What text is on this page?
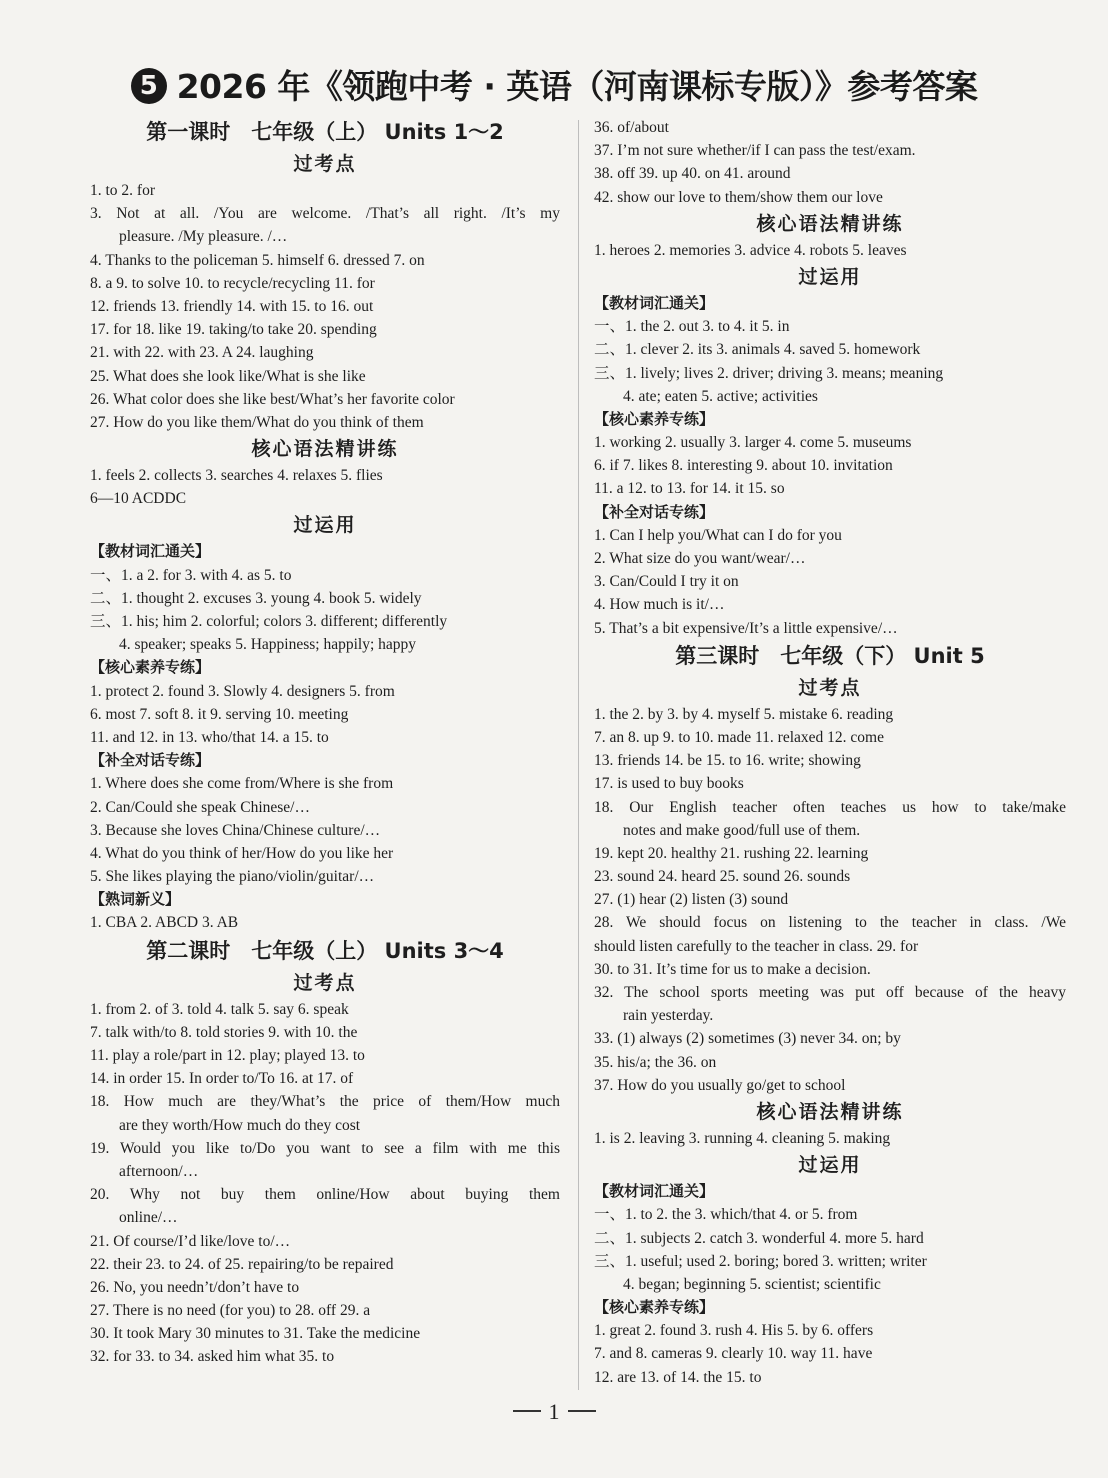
5 2026 年《领跑中考 · 英语（河南课标专版）》参考答案
第一课时　七年级（上） Units 1～2
过考点
1. to 2. for
3. Not at all. /You are welcome. /That’s all right. /It’s my
pleasure. /My pleasure. /…
4. Thanks to the policeman 5. himself 6. dressed 7. on
8. a 9. to solve 10. to recycle/recycling 11. for
12. friends 13. friendly 14. with 15. to 16. out
17. for 18. like 19. taking/to take 20. spending
21. with 22. with 23. A 24. laughing
25. What does she look like/What is she like
26. What color does she like best/What’s her favorite color
27. How do you like them/What do you think of them
核心语法精讲练
1. feels 2. collects 3. searches 4. relaxes 5. flies
6—10 ACDDC
过运用
【教材词汇通关】
一、1. a 2. for 3. with 4. as 5. to
二、1. thought 2. excuses 3. young 4. book 5. widely
三、1. his; him 2. colorful; colors 3. different; differently
4. speaker; speaks 5. Happiness; happily; happy
【核心素养专练】
1. protect 2. found 3. Slowly 4. designers 5. from
6. most 7. soft 8. it 9. serving 10. meeting
11. and 12. in 13. who/that 14. a 15. to
【补全对话专练】
1. Where does she come from/Where is she from
2. Can/Could she speak Chinese/…
3. Because she loves China/Chinese culture/…
4. What do you think of her/How do you like her
5. She likes playing the piano/violin/guitar/…
【熟词新义】
1. CBA 2. ABCD 3. AB
第二课时　七年级（上） Units 3～4
过考点
1. from 2. of 3. told 4. talk 5. say 6. speak
7. talk with/to 8. told stories 9. with 10. the
11. play a role/part in 12. play; played 13. to
14. in order 15. In order to/To 16. at 17. of
18. How much are they/What’s the price of them/How much
are they worth/How much do they cost
19. Would you like to/Do you want to see a film with me this
afternoon/…
20. Why not buy them online/How about buying them
online/…
21. Of course/I’d like/love to/…
22. their 23. to 24. of 25. repairing/to be repaired
26. No, you needn’t/don’t have to
27. There is no need (for you) to 28. off 29. a
30. It took Mary 30 minutes to 31. Take the medicine
32. for 33. to 34. asked him what 35. to
36. of/about
37. I’m not sure whether/if I can pass the test/exam.
38. off 39. up 40. on 41. around
42. show our love to them/show them our love
核心语法精讲练
1. heroes 2. memories 3. advice 4. robots 5. leaves
过运用
【教材词汇通关】
一、1. the 2. out 3. to 4. it 5. in
二、1. clever 2. its 3. animals 4. saved 5. homework
三、1. lively; lives 2. driver; driving 3. means; meaning
4. ate; eaten 5. active; activities
【核心素养专练】
1. working 2. usually 3. larger 4. come 5. museums
6. if 7. likes 8. interesting 9. about 10. invitation
11. a 12. to 13. for 14. it 15. so
【补全对话专练】
1. Can I help you/What can I do for you
2. What size do you want/wear/…
3. Can/Could I try it on
4. How much is it/…
5. That’s a bit expensive/It’s a little expensive/…
第三课时　七年级（下） Unit 5
过考点
1. the 2. by 3. by 4. myself 5. mistake 6. reading
7. an 8. up 9. to 10. made 11. relaxed 12. come
13. friends 14. be 15. to 16. write; showing
17. is used to buy books
18. Our English teacher often teaches us how to take/make
notes and make good/full use of them.
19. kept 20. healthy 21. rushing 22. learning
23. sound 24. heard 25. sound 26. sounds
27. (1) hear (2) listen (3) sound
28. We should focus on listening to the teacher in class. /We
should listen carefully to the teacher in class. 29. for
30. to 31. It’s time for us to make a decision.
32. The school sports meeting was put off because of the heavy
rain yesterday.
33. (1) always (2) sometimes (3) never 34. on; by
35. his/a; the 36. on
37. How do you usually go/get to school
核心语法精讲练
1. is 2. leaving 3. running 4. cleaning 5. making
过运用
【教材词汇通关】
一、1. to 2. the 3. which/that 4. or 5. from
二、1. subjects 2. catch 3. wonderful 4. more 5. hard
三、1. useful; used 2. boring; bored 3. written; writer
4. began; beginning 5. scientist; scientific
【核心素养专练】
1. great 2. found 3. rush 4. His 5. by 6. offers
7. and 8. cameras 9. clearly 10. way 11. have
12. are 13. of 14. the 15. to
1
